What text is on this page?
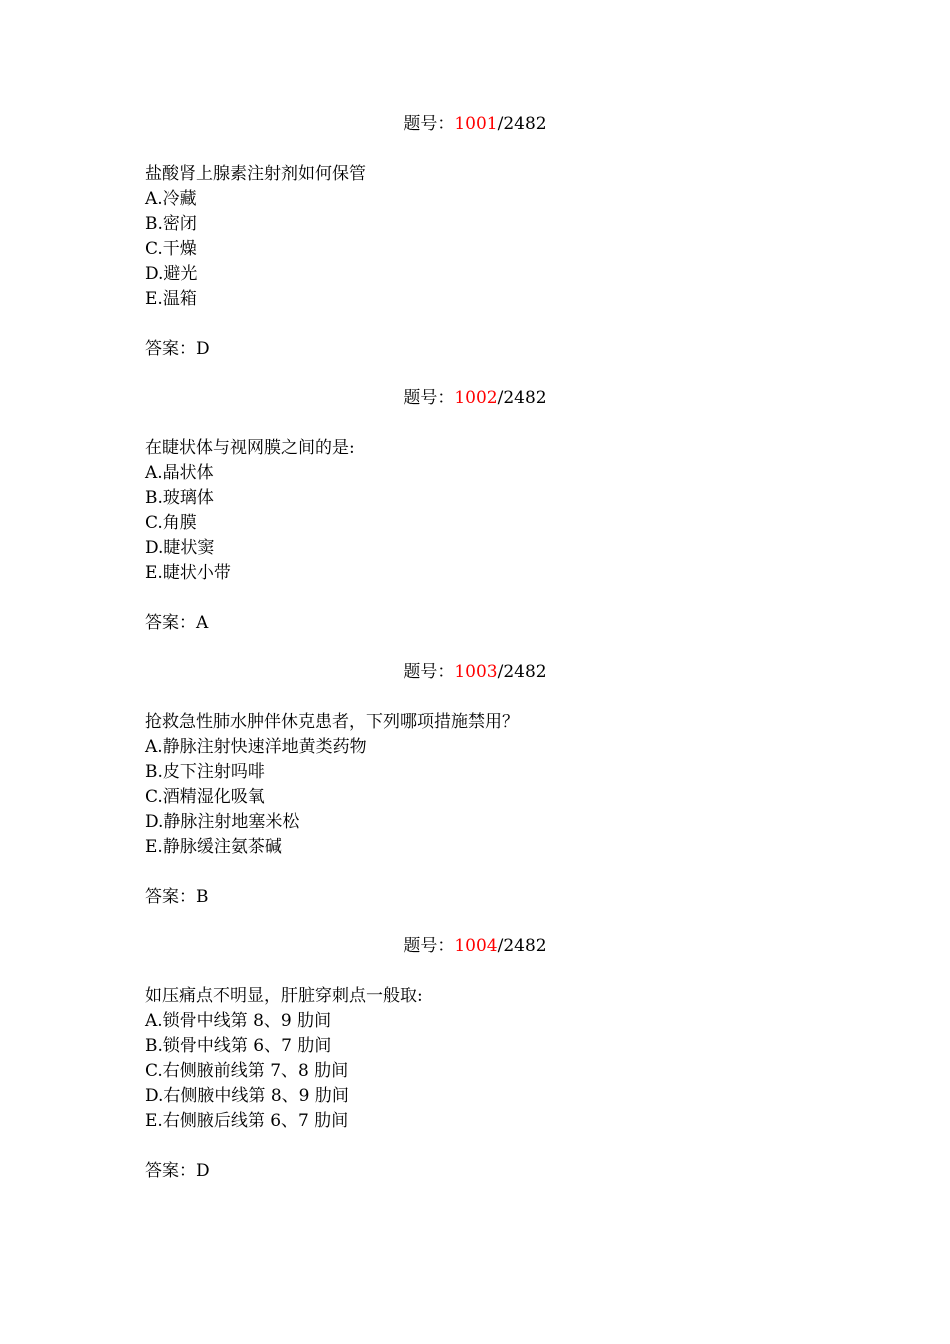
题号：1001/2482
盐酸肾上腺素注射剂如何保管
A.冷藏
B.密闭
C.干燥
D.避光
E.温箱
答案：D
题号：1002/2482
在睫状体与视网膜之间的是:
A.晶状体
B.玻璃体
C.角膜
D.睫状窦
E.睫状小带
答案：A
题号：1003/2482
抢救急性肺水肿伴休克患者，下列哪项措施禁用？
A.静脉注射快速洋地黄类药物
B.皮下注射吗啡
C.酒精湿化吸氧
D.静脉注射地塞米松
E.静脉缓注氨茶碱
答案：B
题号：1004/2482
如压痛点不明显，肝脏穿刺点一般取:
A.锁骨中线第 8、9 肋间
B.锁骨中线第 6、7 肋间
C.右侧腋前线第 7、8 肋间
D.右侧腋中线第 8、9 肋间
E.右侧腋后线第 6、7 肋间
答案：D
